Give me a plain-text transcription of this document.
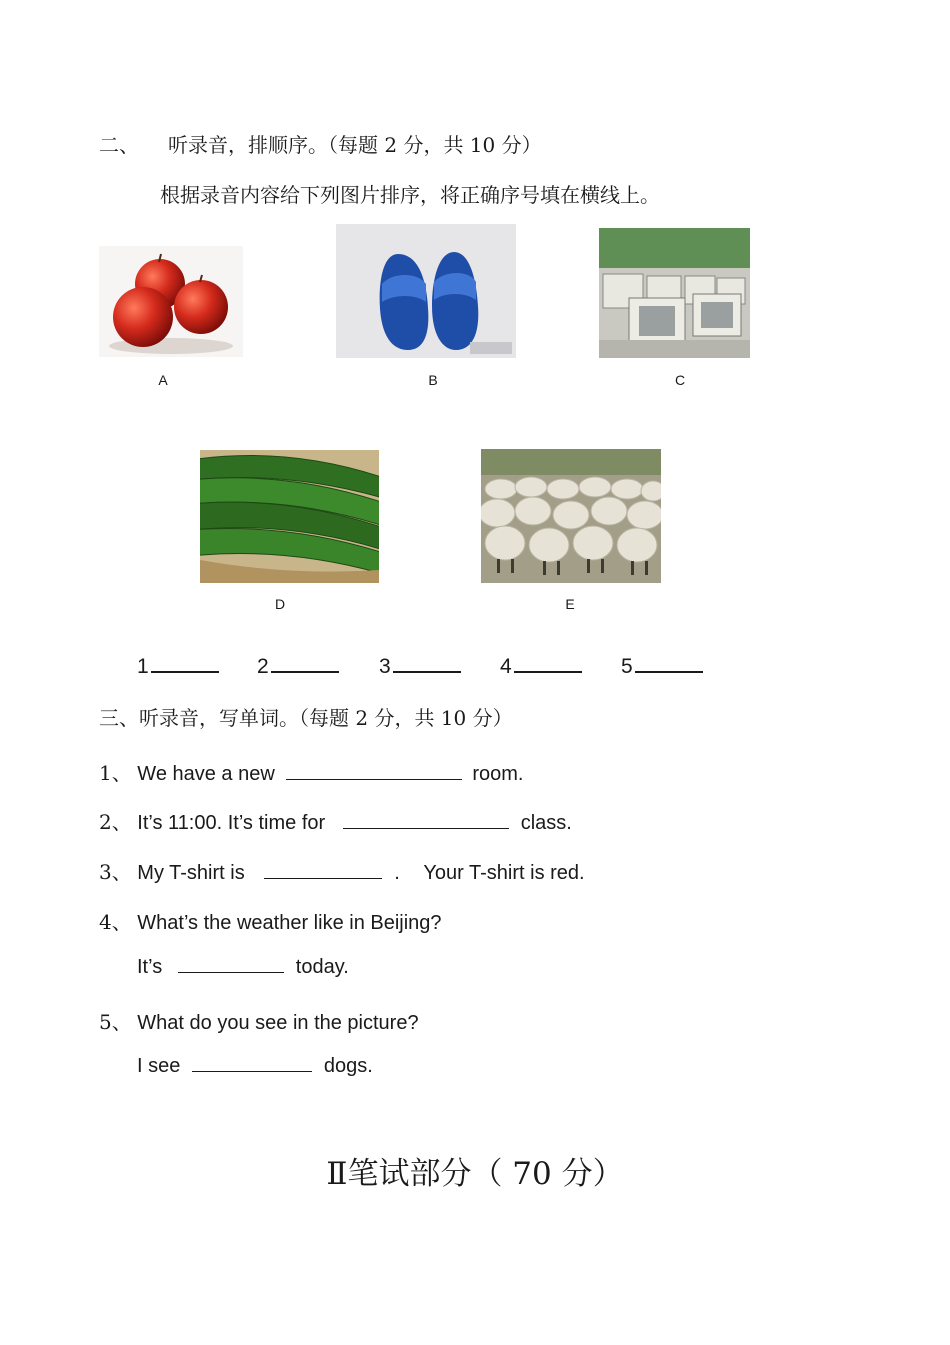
二、 听录音，排顺序。（每题 2 分，共 10 分）
根据录音内容给下列图片排序，将正确序号填在横线上。
A	B	C
D	E
1	2	3	4	5
三、听录音，写单词。（每题 2 分，共 10 分）
1、 We have a new	room.
2、 It’s 11:00. It’s time for	class.
3、 My T-shirt is	. Your T-shirt is red.
4、 What’s the weather like in Beijing?
It’s	today.
5、 What do you see in the picture?
I see	dogs.
Ⅱ笔试部分（ 70 分）
